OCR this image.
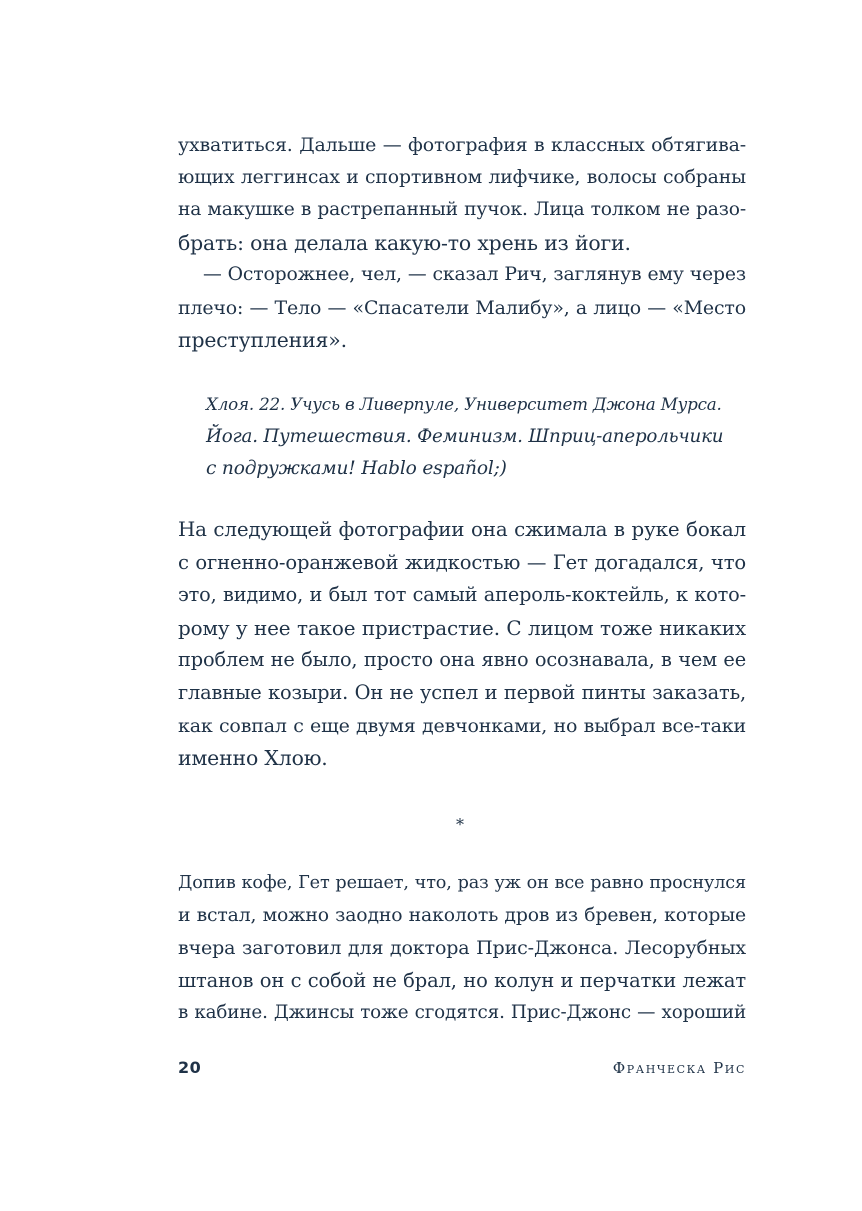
ухватиться. Дальше — фотография в классных обтягива-
ющих леггинсах и спортивном лифчике, волосы собраны
на макушке в растрепанный пучок. Лица толком не разо-
брать: она делала какую-то хрень из йоги.
— Осторожнее, чел, — сказал Рич, заглянув ему через
плечо: — Тело — «Спасатели Малибу», а лицо — «Место
преступления».
Хлоя. 22. Учусь в Ливерпуле, Университет Джона Мурса.
Йога. Путешествия. Феминизм. Шприц-аперольчики
с подружками! Hablo español;)
На следующей фотографии она сжимала в руке бокал
с огненно-оранжевой жидкостью — Гет догадался, что
это, видимо, и был тот самый апероль-коктейль, к кото-
рому у нее такое пристрастие. С лицом тоже никаких
проблем не было, просто она явно осознавала, в чем ее
главные козыри. Он не успел и первой пинты заказать,
как совпал с еще двумя девчонками, но выбрал все-таки
именно Хлою.
*
Допив кофе, Гет решает, что, раз уж он все равно проснулся
и встал, можно заодно наколоть дров из бревен, которые
вчера заготовил для доктора Прис-Джонса. Лесорубных
штанов он с собой не брал, но колун и перчатки лежат
в кабине. Джинсы тоже сгодятся. Прис-Джонс — хороший
20	Франческа Рис
